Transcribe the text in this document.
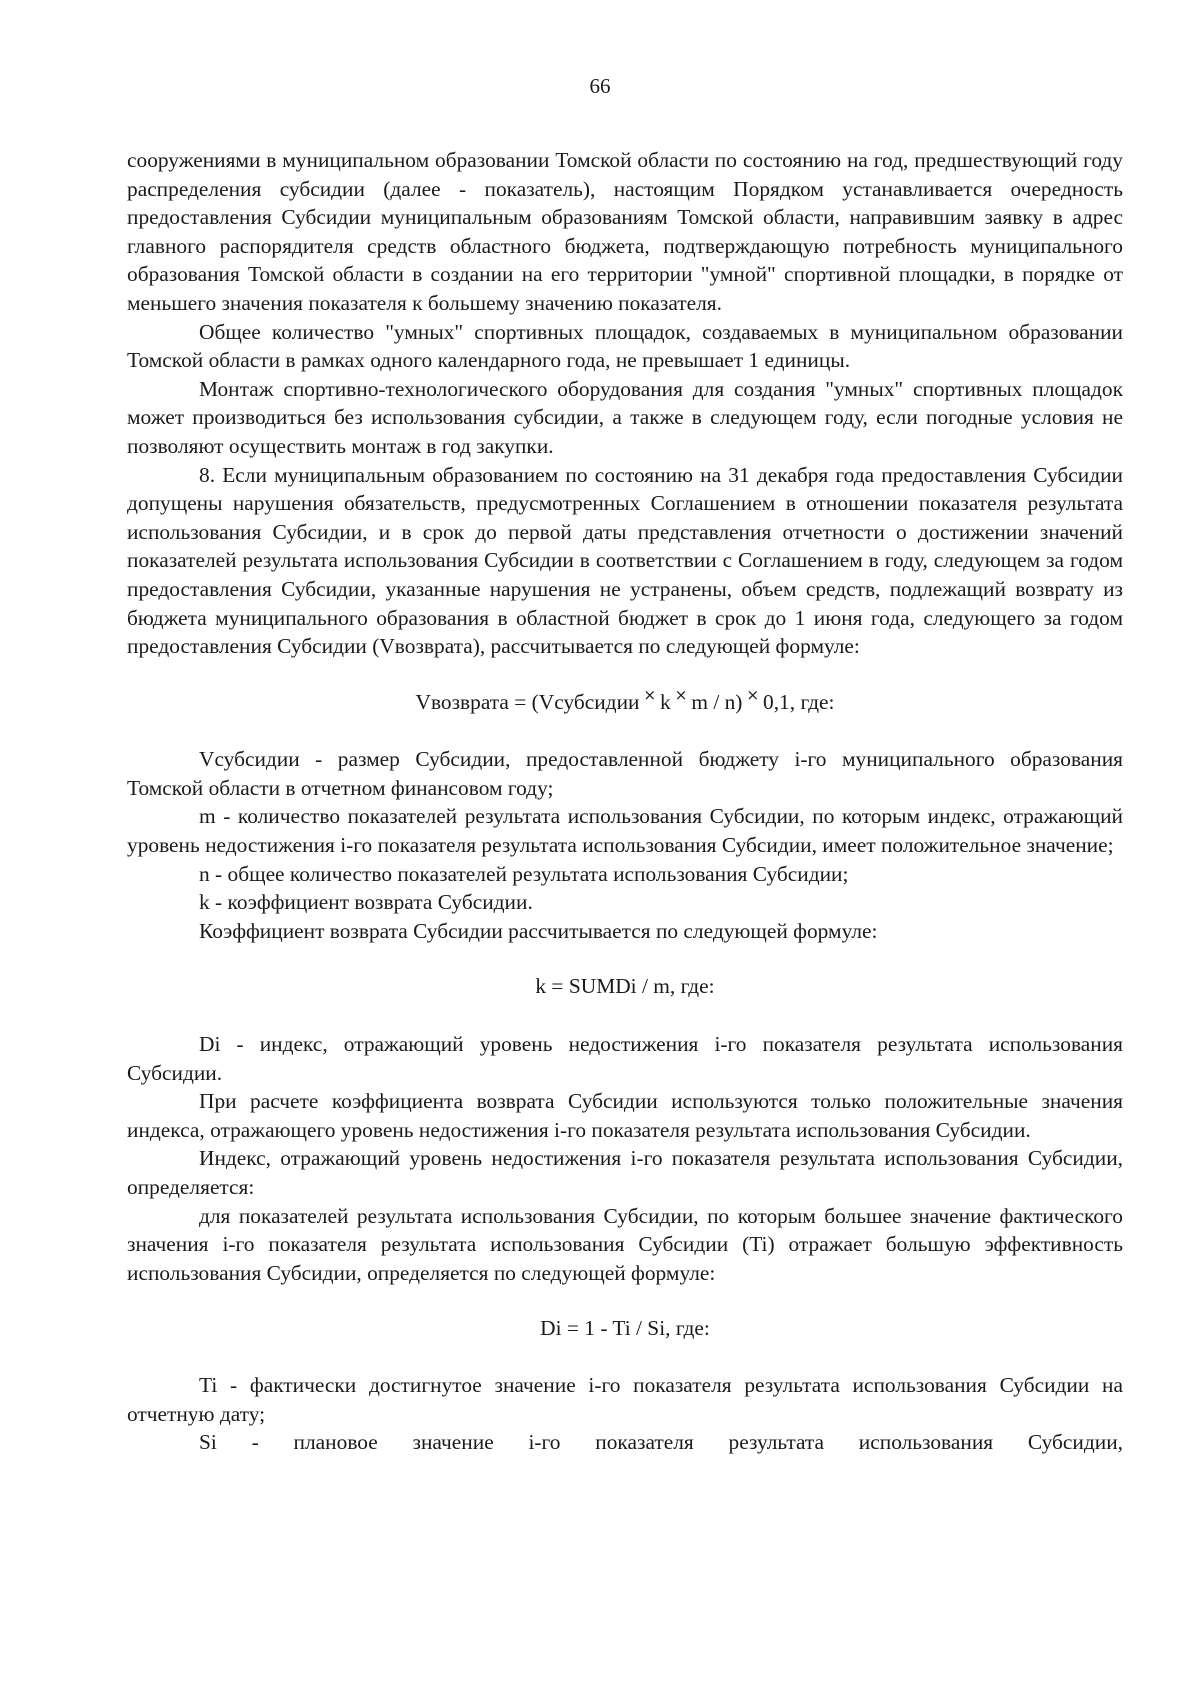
66

сооружениями в муниципальном образовании Томской области по состоянию на год, предшествующий году распределения субсидии (далее - показатель), настоящим Порядком устанавливается очередность предоставления Субсидии муниципальным образованиям Томской области, направившим заявку в адрес главного распорядителя средств областного бюджета, подтверждающую потребность муниципального образования Томской области в создании на его территории "умной" спортивной площадки, в порядке от меньшего значения показателя к большему значению показателя.

Общее количество "умных" спортивных площадок, создаваемых в муниципальном образовании Томской области в рамках одного календарного года, не превышает 1 единицы.

Монтаж спортивно-технологического оборудования для создания "умных" спортивных площадок может производиться без использования субсидии, а также в следующем году, если погодные условия не позволяют осуществить монтаж в год закупки.

8. Если муниципальным образованием по состоянию на 31 декабря года предоставления Субсидии допущены нарушения обязательств, предусмотренных Соглашением в отношении показателя результата использования Субсидии, и в срок до первой даты представления отчетности о достижении значений показателей результата использования Субсидии в соответствии с Соглашением в году, следующем за годом предоставления Субсидии, указанные нарушения не устранены, объем средств, подлежащий возврату из бюджета муниципального образования в областной бюджет в срок до 1 июня года, следующего за годом предоставления Субсидии (Vвозврата), рассчитывается по следующей формуле:

Vвозврата = (Vсубсидии × k × m / n) × 0,1, где:

Vсубсидии - размер Субсидии, предоставленной бюджету i-го муниципального образования Томской области в отчетном финансовом году;

m - количество показателей результата использования Субсидии, по которым индекс, отражающий уровень недостижения i-го показателя результата использования Субсидии, имеет положительное значение;

n - общее количество показателей результата использования Субсидии;

k - коэффициент возврата Субсидии.

Коэффициент возврата Субсидии рассчитывается по следующей формуле:

k = SUMDi / m, где:

Di - индекс, отражающий уровень недостижения i-го показателя результата использования Субсидии.

При расчете коэффициента возврата Субсидии используются только положительные значения индекса, отражающего уровень недостижения i-го показателя результата использования Субсидии.

Индекс, отражающий уровень недостижения i-го показателя результата использования Субсидии, определяется:

для показателей результата использования Субсидии, по которым большее значение фактического значения i-го показателя результата использования Субсидии (Ti) отражает большую эффективность использования Субсидии, определяется по следующей формуле:

Di = 1 - Ti / Si, где:

Ti - фактически достигнутое значение i-го показателя результата использования Субсидии на отчетную дату;

Si - плановое значение i-го показателя результата использования Субсидии,
